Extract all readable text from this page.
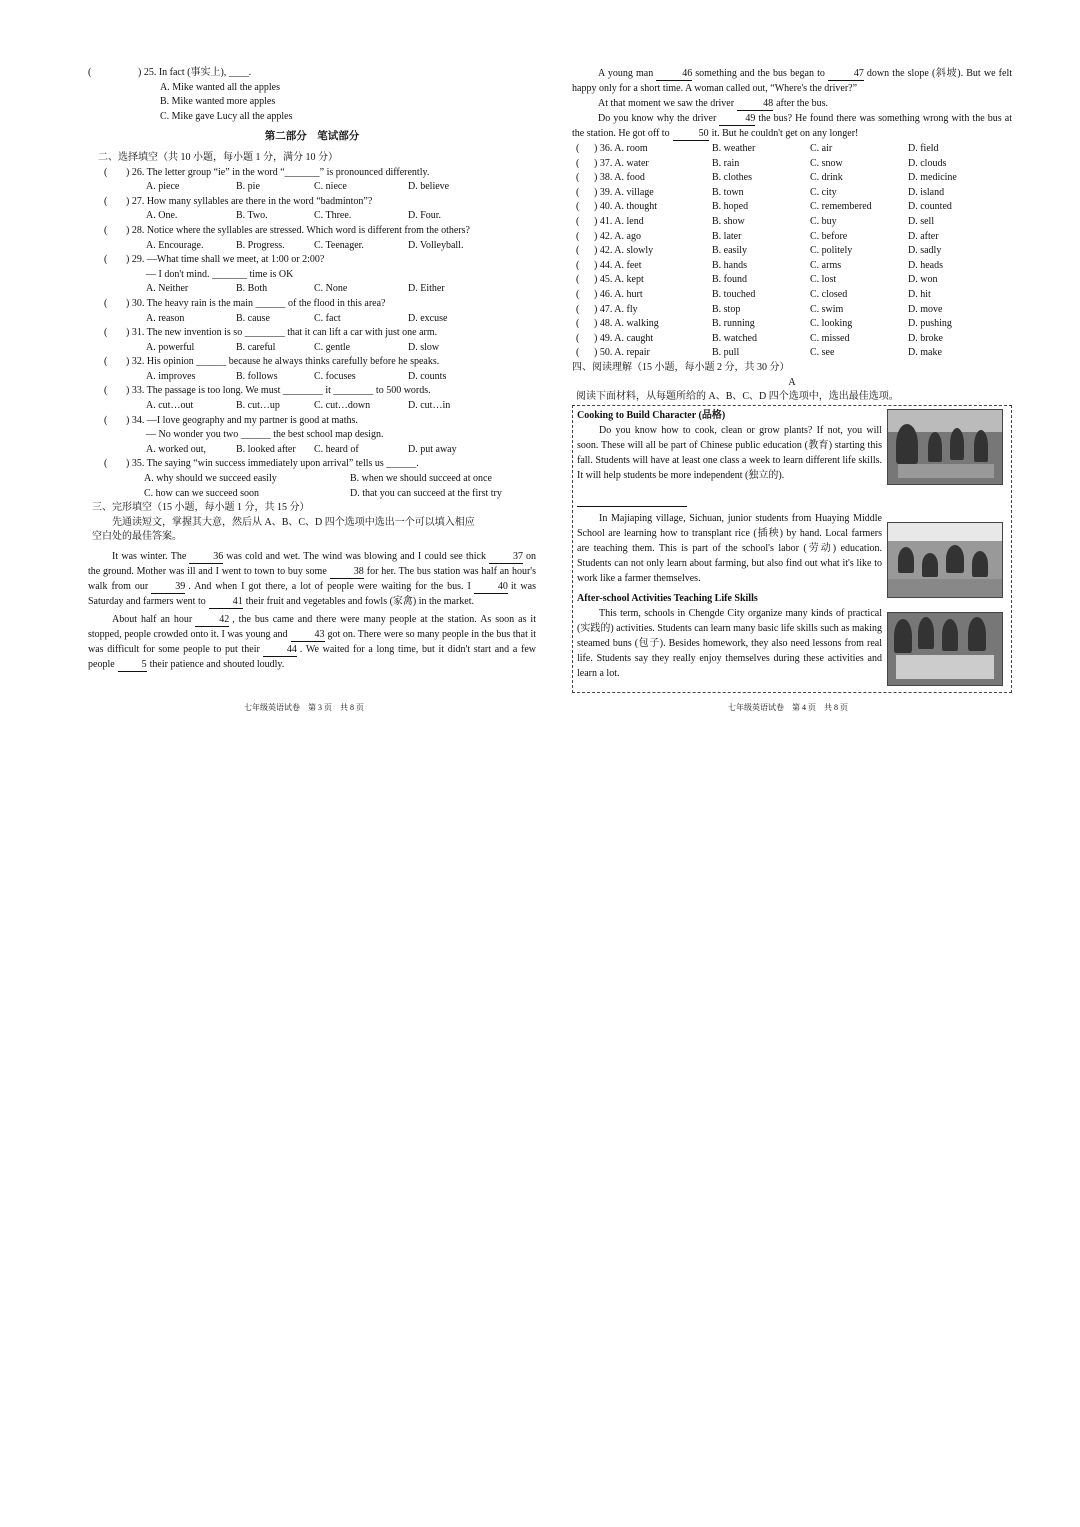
(	) 25. In fact (事实上), ____.
A. Mike wanted all the apples
B. Mike wanted more apples
C. Mike gave Lucy all the apples
第二部分　笔试部分
二、选择填空（共 10 小题，每小题 1 分，满分 10 分）
( ) 26. The letter group “ie” in the word “_______” is pronounced differently.
A. piece	B. pie	C. niece	D. believe
( ) 27. How many syllables are there in the word “badminton”?
A. One.	B. Two.	C. Three.	D. Four.
( ) 28. Notice where the syllables are stressed. Which word is different from the others?
A. Encourage.	B. Progress.	C. Teenager.	D. Volleyball.
( ) 29. —What time shall we meet, at 1:00 or 2:00?
— I don't mind. _______ time is OK
A. Neither	B. Both	C. None	D. Either
( ) 30. The heavy rain is the main ______ of the flood in this area?
A. reason	B. cause	C. fact	D. excuse
( ) 31. The new invention is so ________ that it can lift a car with just one arm.
A. powerful	B. careful	C. gentle	D. slow
( ) 32. His opinion ______ because he always thinks carefully before he speaks.
A. improves	B. follows	C. focuses	D. counts
( ) 33. The passage is too long. We must ________ it ________ to 500 words.
A. cut…out	B. cut…up	C. cut…down	D. cut…in
( ) 34. —I love geography and my partner is good at maths.
— No wonder you two ______ the best school map design.
A. worked out,	B. looked after C. heard of	D. put away
( ) 35. The saying “win success immediately upon arrival” tells us ______.
A. why should we succeed easily	B. when we should succeed at once
C. how can we succeed soon	D. that you can succeed at the first try
三、完形填空（15 小题，每小题 1 分，共 15 分）
先通读短文，掌握其大意，然后从 A、B、C、D 四个选项中选出一个可以填入相应
空白处的最佳答案。
It was winter. The	36 was cold and wet. The wind was blowing and I could see thick	37 on the ground. Mother was ill and I went to town to buy some	38 for her. The bus station was half an hour's walk from our	39 . And when I got there, a lot of people were waiting for the bus. I	40 it was Saturday and farmers went to	41 their fruit and vegetables and fowls (家禽) in the market.
About half an hour	42 , the bus came and there were many people at the station. As soon as it stopped, people crowded onto it. I was young and	43 got on. There were so many people in the bus that it was difficult for some people to put their	44 . We waited for a long time, but it didn't start and a few people	5 their patience and shouted loudly.
七年级英语试卷　第 3 页　共 8 页
A young man	46 something and the bus began to	47 down the slope (斜坡). But we felt happy only for a short time. A woman called out, “Where's the driver?”
At that moment we saw the driver	48 after the bus.
Do you know why the driver	49 the bus? He found there was something wrong with the bus at the station. He got off to	50 it. But he couldn't get on any longer!
( ) 36. A. room	B. weather	C. air	D. field
( ) 37. A. water	B. rain	C. snow	D. clouds
( ) 38. A. food	B. clothes	C. drink	D. medicine
( ) 39. A. village	B. town	C. city	D. island
( ) 40. A. thought	B. hoped	C. remembered	D. counted
( ) 41. A. lend	B. show	C. buy	D. sell
( ) 42. A. ago	B. later	C. before	D. after
( ) 42. A. slowly	B. easily	C. politely	D. sadly
( ) 44. A. feet	B. hands	C. arms	D. heads
( ) 45. A. kept	B. found	C. lost	D. won
( ) 46. A. hurt	B. touched	C. closed	D. hit
( ) 47. A. fly	B. stop	C. swim	D. move
( ) 48. A. walking	B. running	C. looking	D. pushing
( ) 49. A. caught	B. watched	C. missed	D. broke
( ) 50. A. repair	B. pull	C. see	D. make
四、阅读理解（15 小题，每小题 2 分，共 30 分）
A
阅读下面材料，从每题所给的 A、B、C、D 四个选项中，选出最佳选项。
Cooking to Build Character (品格)
Do you know how to cook, clean or grow plants? If not, you will soon. These will all be part of Chinese public education (教育) starting this fall. Students will have at least one class a week to learn different life skills. It will help students be more independent (独立的).
In Majiaping village, Sichuan, junior students from Huaying Middle School are learning how to transplant rice (插秧) by hand. Local farmers are teaching them. This is part of the school's labor (劳动) education. Students can not only learn about farming, but also find out what it's like to work like a farmer themselves.
After-school Activities Teaching Life Skills
This term, schools in Chengde City organize many kinds of practical (实践的) activities. Students can learn many basic life skills such as making steamed buns (包子). Besides homework, they also need lessons from real life. Students say they really enjoy themselves during these activities and learn a lot.
七年级英语试卷　第 4 页　共 8 页
